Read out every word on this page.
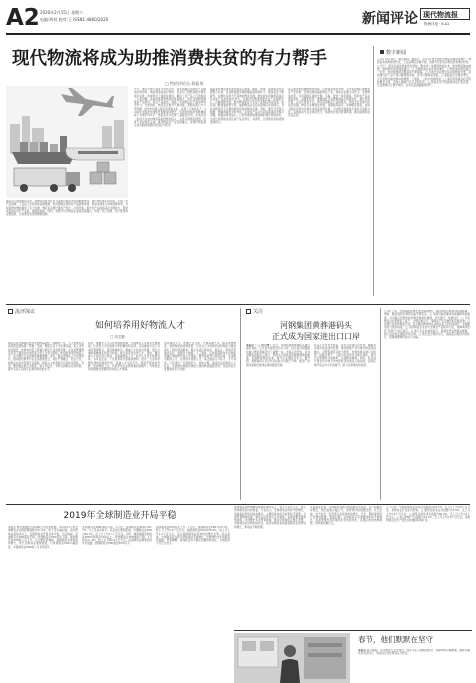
A2 2020年2月15日 星期六
电编:辉权 校对:王 ISSN1-4860/2020	新闻评论 现代物流报
物流评论 · 6-A2
现代物流将成为助推消费扶贫的有力帮手
□ 特约评论员 蒋振贵
数字新闻
国家深入推进脱贫攻坚，消费扶贫成为社会力量参与脱贫攻坚的重要途径。现代物流体系的完善，打通了农产品进城、工业品下乡的双向流通渠道，使贫困地区的特色产品能够快速、低成本地进入城市消费市场，为贫困群众增收提供了有力支撑。物流企业通过建设产地仓、冷链设施，提升农产品的商品化处理能力，帮助贫困地区延长产业链，提高附加值。同时，电商平台与物流企业的深度融合，形成了线上销售、线下配送的完整链条，让消费扶贫更加便捷高效。
方式，通过与电子商务平台的合作，将贫困地区的农特产品推向全国市场。物流网络向农村延伸，县乡村三级物流配送体系逐步完善，快递进村工程稳步推进，解决了农产品上行的最初一公里问题。各地积极探索物流扶贫新模式，依托冷链物流降低农产品损耗，保证产品品质，提高了贫困地区农产品的市场竞争力。与此同时，物流企业参与产销对接，帮助贫困户与大型商超、批发市场建立稳定的供销关系，实现了订单化生产。2019年全国农村网络零售额持续增长，贫困县网络零售额增速高于全国平均水平，物流在其中发挥了基础性作用。未来应进一步加大对农村物流基础设施的投入，完善冷链物流网络，培育专业化物流主体，推动物流与产业深度融合，使现代物流真正成为助推消费扶贫的有力帮手。
随着农村物流体系建设的深入推进，邮政、快递、供销等多方资源整合共享，农村物流服务网络覆盖面持续扩大，服务质量不断提升。消费扶贫离不开高效的物流支撑，物流成本的降低直接关系到农产品的价格竞争力。各地应统筹规划建设农产品集配中心、冷藏保鲜设施，推动物流园区与农业产业园区联动发展。政府部门要加强政策引导，鼓励物流企业在贫困地区布局网点，对农村物流给予必要的财政补贴和税收优惠。同时，要充分发挥大数据、物联网等技术的作用，实现农产品从田间到餐桌的全程可追溯，增强消费者信心。只有构建起畅通高效的现代物流体系，才能让贫困地区的优质产品走得出、卖得好，让消费扶贫的成效更加持久。
深入推进供给侧结构性改革，以市场需求为导向，引导贫困地区调整农业产业结构，发展适销对路的特色产业。物流企业要主动作为，发挥网络优势，为贫困地区提供仓储、运输、配送一体化服务，帮助农产品实现标准化、品牌化经营。要鼓励社会各界积极参与消费扶贫，通过以购代捐、以买代帮等方式，购买贫困地区产品和服务，形成全社会参与的良好氛围。物流行业要抓住机遇，创新服务模式，延伸服务链条，在助力脱贫攻坚中实现自身的高质量发展，为决胜全面建成小康社会贡献力量。各级政府与企业协同发力，持续优化农村营商环境，推动消费扶贫走深走实。
□ 2月14日消息，数字新闻。据统计，今年1月份全国社会物流总额保持增长，物流需求结构持续优化，工业品物流总额平稳，消费与民生相关物流需求增长较快。□ 近日，国家发展改革委印发通知，要求进一步降低物流成本，推进物流降本增效，加快物流枢纽网络建设。□ 全国快递业务量持续增长，日均快递处理量超过一亿件，农村快递网点覆盖率不断提高。□ 多地出台政策支持冷链物流发展，加快建设农产品产地冷藏保鲜设施，补齐冷链物流短板。□ 铁路货运量稳步增长，大宗货物运输结构持续调整，公转铁、公转水成效明显。□ 港口集装箱吞吐量保持增长态势，沿海主要港口运行平稳有序。□ 物流业景气指数保持在扩张区间，行业整体运行稳中向好，业务总量指数继续回升。
流评深议
如何培养用好物流人才
□ 刘宝勤
物流业是支撑国民经济发展的基础性、战略性产业，人才是物流业高质量发展的第一资源。当前，物流行业人才需求旺盛，但人才供给在数量、结构和质量上都难以满足行业发展需要，尤其是既懂物流业务又懂信息技术的复合型人才更为紧缺。如何培养用好物流人才，成为摆在行业面前的重要课题。首先，要完善物流人才培养体系，推动院校教育与企业实践相结合，深化产教融合、校企合作，按照企业需求设置专业课程，提高人才培养的针对性和实用性。其次，要加强在职人员培训，建立多层次、多形式的职业培训机制，提升从业人员的专业素养和技能水平。
再次，要健全人才评价和激励机制，打通物流人才职业发展通道，让优秀人才有施展才华的舞台和空间。企业要树立以人为本的管理理念，营造尊重知识、尊重人才的良好氛围，通过合理的薪酬体系和晋升机制，吸引和留住优秀人才。同时，要注重人才的引进与使用，对高端物流人才、技术人才给予政策支持，为其在住房、子女教育等方面提供便利。此外，行业协会要发挥桥梁纽带作用，搭建人才交流平台，组织开展技能竞赛，培养物流工匠，以此带动行业整体素质的提升，为物流业持续健康发展提供坚实的人才保障。
培养物流人才，既要立足当前，又要着眼长远。随着智慧物流、绿色物流的快速发展，行业对人才的知识结构和能力素质提出了新的更高要求。要主动适应新技术、新业态、新模式带来的变化，加强对大数据、人工智能、区块链等新技术在物流领域应用的研究和人才储备。要坚持培养与使用并重，在实践中锻炼人才，在使用中成就人才，真正做到人尽其才、才尽其用。只有建设一支规模宏大、结构合理、素质优良的物流人才队伍，才能推动我国从物流大国向物流强国迈进，为经济社会发展提供有力支撑。
关注
河钢集团黄骅港码头
正式成为国家进出口口岸
本报讯（ □ 何宇洲 ）近日，河钢集团黄骅港码头通过国家验收，正式成为国家进出口口岸，标志着河钢集团在港口物流领域迈出了重要一步。该码头的开放，将为河钢集团铁矿石进口、钢材出口提供更加便捷高效的通道，有效降低物流成本，提升企业国际竞争力。据介绍，黄骅港码头设计年吞吐能力达数千万吨，配备了先进的装卸设备和完善的配套设施。
码头正式对外开放后，将充分发挥区位优势，辐射带动周边地区经济发展，推动钢铁产业与港口物流深度融合。河钢集团将以此为契机，加快构建以港口为枢纽、铁路为骨干、公路为补充的多式联运体系，提升大宗原燃料运输效率，实现降本增效。同时，码头的开放也将为地方外向型经济发展注入新动能，促进区域开放合作水平的提升，助力京津冀协同发展。
□ 2月上旬，全国铁路货物发送量保持增长，重点物资运输得到有效保障，电煤、粮食等民生物资运输平稳有序。□ 交通运输部要求各地确保物流畅通，对运输应急物资的车辆开辟绿色通道，优先通行、免费放行。□ 多家物流企业积极复工复产，合理安排运力，保障生产生活物资的运输需求。□ 快递行业加快恢复运营，各主要品牌快递企业网点复工率稳步提升，末端配送能力逐步恢复。□ 冷链物流企业加大生鲜农产品保供力度，保障城市居民“菜篮子”供应稳定。□ 港口企业加快集疏运，保障外贸货物通关顺畅，助力企业稳定国际市场订单。□ 航空货运保持运行，国际货运航班持续执行，保障重要物资进出口运输。
2019年全球制造业开局平稳
本报讯 据中国物流与采购联合会发布数据，2019年1月份全球制造业采购经理指数为51.9%，较上月小幅回落，但仍保持在荣枯线以上，全球制造业开局总体平稳。分区域看，亚洲制造业PMI保持平稳，欧洲制造业PMI有所下降，美洲制造业PMI较上月上升。从主要经济体看，美国制造业保持较快增长，欧元区制造业增速放缓，日本制造业PMI小幅回落，中国制造业PMI较上月有所回升。
亚洲制造业PMI保持平稳。1月份，亚洲制造业PMI为50.7%，与上月基本持平。从亚洲主要国家看，中国制造业PMI为49.5%，比上月上升0.1个百分点，印度、越南等国家制造业PMI均保持在50%以上。欧洲制造业PMI继续下降，1月份为51.4%，较上月下降0.4个百分点，欧洲制造业增速连续多月放缓，德国制造业PMI跌至50%以下。
美洲制造业PMI有所上升。1月份，美洲制造业PMI为53.5%，较上月上升0.6个百分点。美国制造业PMI为56.6%，较上月上升2.3个百分点，显示美国制造业保持较快增长态势。综合来看，全球制造业在新年伊始保持平稳增长，但增速较去年同期有所放缓，贸易摩擦、地缘政治等不确定因素依然存在，全球经济下行压力加大。
非洲制造业PMI继续保持在50%以上，较上月有所上升，显示非洲制造业持续恢复。专家表示，全球制造业保持平稳增长，但面临的风险和挑战增多。主要经济体货币政策趋于谨慎，全球贸易增速放缓，制造业投资信心有所减弱。各国需要加强政策协调，共同维护多边贸易体制，推动全球制造业稳定发展。中国制造业结构持续优化，高技术制造业和装备制造业保持较快增长，新动能不断积聚。
从指数变化看，全球制造业新订单指数有所回落，生产指数保持稳定，就业指数小幅上升，原材料价格指数回落。从行业看，电子信息、医药等行业保持较快增长，汽车、钢铁等传统行业增速放缓。展望后期，全球制造业有望继续保持平稳增长，但需警惕外部环境变化带来的冲击，各国应加快结构调整，培育新的增长点。
□ 1月份，中国非制造业商务活动指数为54.7%，比上月上升0.9个百分点，非制造业扩张步伐加快。□ 服务业商务活动指数为53.6%，比上月上升0.6个百分点。□ 建筑业商务活动指数为60.9%，比上月上升2.3个百分点。□ 综合PMI产出指数为53.2%，比上月上升0.6个百分点，表明我国企业生产经营总体继续保持扩张。
春节，他们默默在坚守
本报讯 春节期间，许多物流人坚守岗位，放弃与家人团聚的机会，保障物资运输畅通，确保仓储作业有序进行，用实际行动诠释责任与担当。
